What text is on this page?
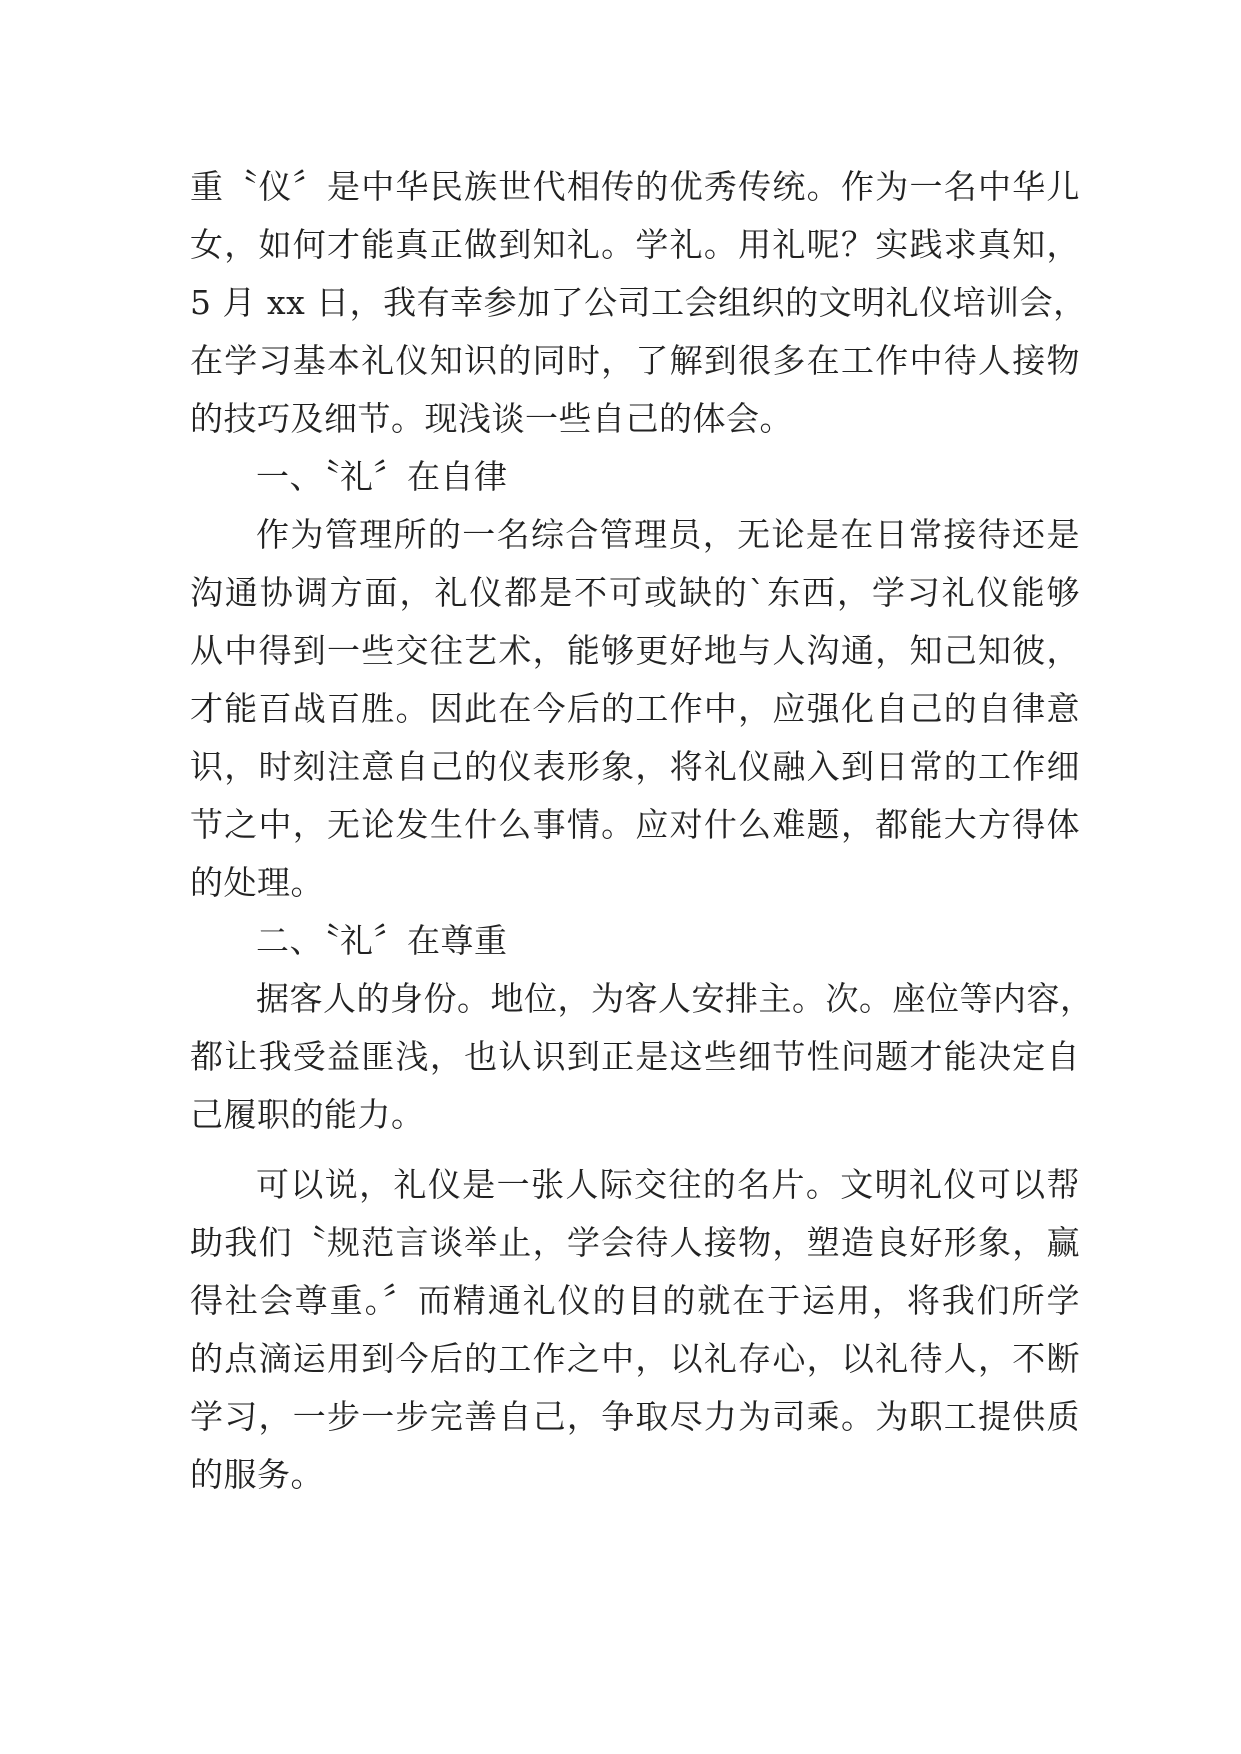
重〝仪〞是中华民族世代相传的优秀传统。作为一名中华儿
女，如何才能真正做到知礼。学礼。用礼呢？实践求真知，
5 月 xx 日，我有幸参加了公司工会组织的文明礼仪培训会，
在学习基本礼仪知识的同时，了解到很多在工作中待人接物
的技巧及细节。现浅谈一些自己的体会。
一、〝礼〞在自律
作为管理所的一名综合管理员，无论是在日常接待还是
沟通协调方面，礼仪都是不可或缺的`东西，学习礼仪能够
从中得到一些交往艺术，能够更好地与人沟通，知己知彼，
才能百战百胜。因此在今后的工作中，应强化自己的自律意
识，时刻注意自己的仪表形象，将礼仪融入到日常的工作细
节之中，无论发生什么事情。应对什么难题，都能大方得体
的处理。
二、〝礼〞在尊重
据客人的身份。地位，为客人安排主。次。座位等内容，
都让我受益匪浅，也认识到正是这些细节性问题才能决定自
己履职的能力。
可以说，礼仪是一张人际交往的名片。文明礼仪可以帮
助我们〝规范言谈举止，学会待人接物，塑造良好形象，赢
得社会尊重。〞而精通礼仪的目的就在于运用，将我们所学
的点滴运用到今后的工作之中，以礼存心，以礼待人，不断
学习，一步一步完善自己，争取尽力为司乘。为职工提供质
的服务。
